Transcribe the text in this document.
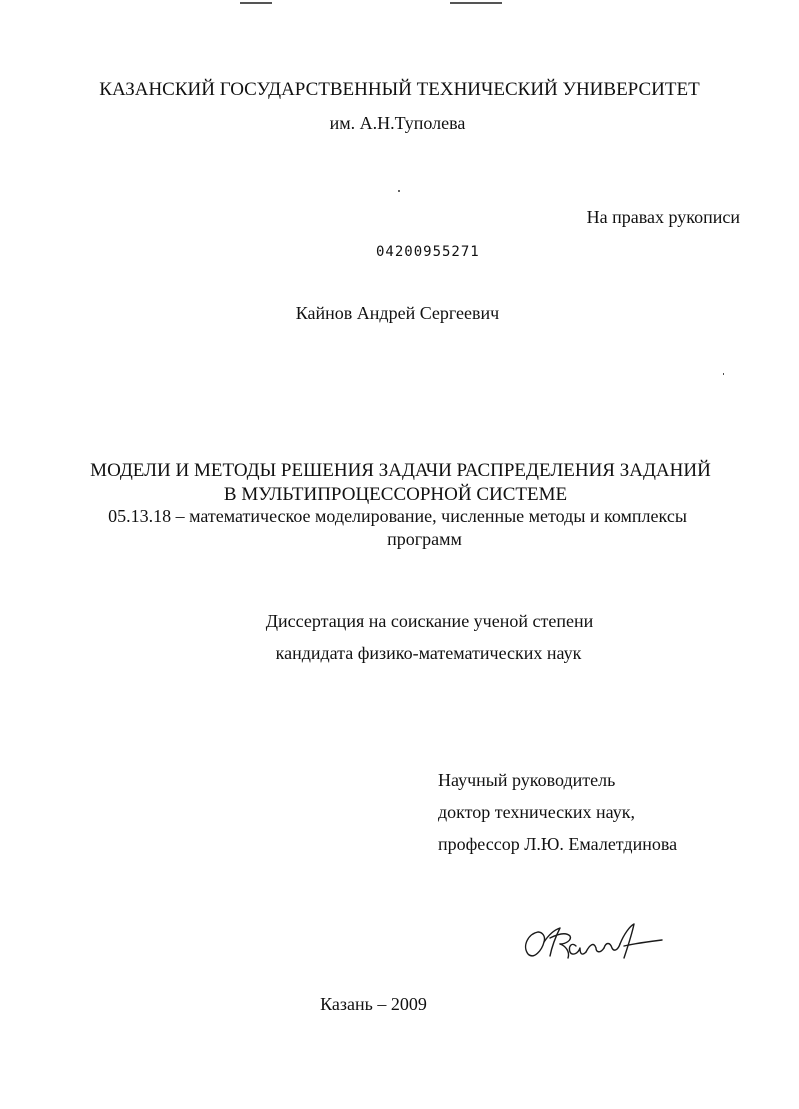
КАЗАНСКИЙ ГОСУДАРСТВЕННЫЙ ТЕХНИЧЕСКИЙ УНИВЕРСИТЕТ
им. А.Н.Туполева
На правах рукописи
04200955271
Кайнов Андрей Сергеевич
МОДЕЛИ И МЕТОДЫ РЕШЕНИЯ ЗАДАЧИ РАСПРЕДЕЛЕНИЯ ЗАДАНИЙ
В МУЛЬТИПРОЦЕССОРНОЙ СИСТЕМЕ
05.13.18 – математическое моделирование, численные методы и комплексы
программ
Диссертация на соискание ученой степени
кандидата физико-математических наук
Научный руководитель
доктор технических наук,
профессор Л.Ю. Емалетдинова
Казань – 2009
